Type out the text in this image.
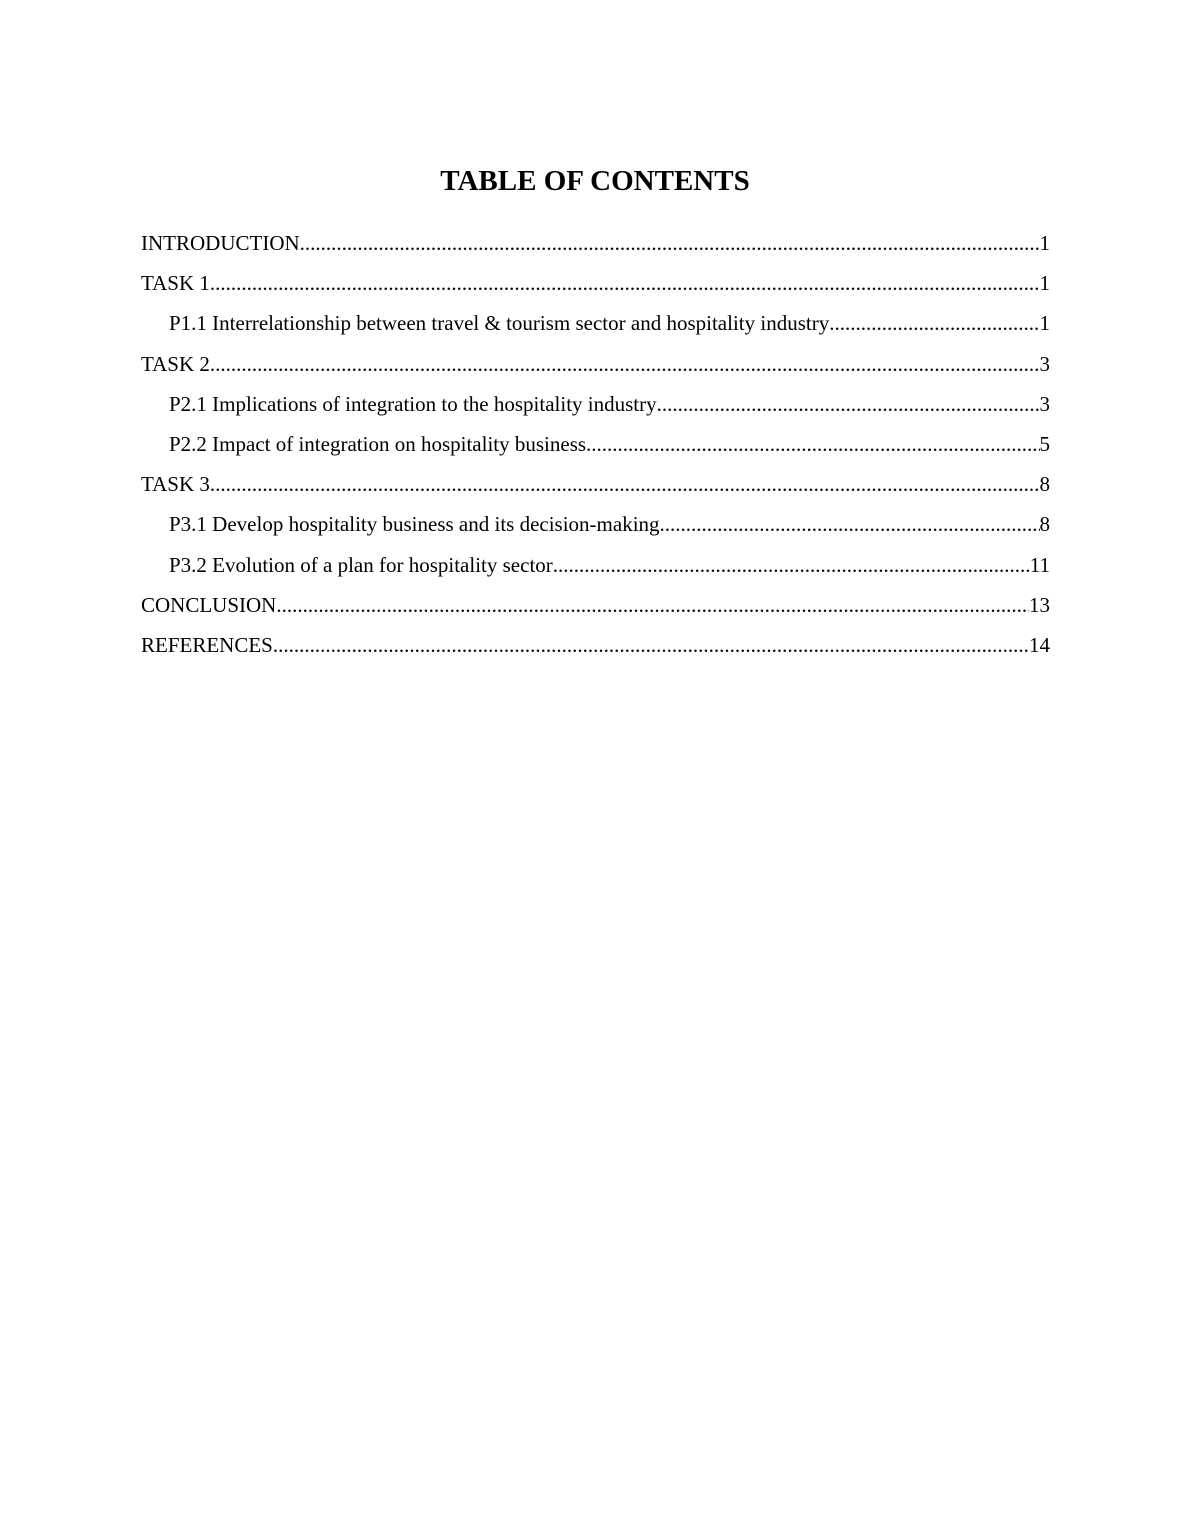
TABLE OF CONTENTS
INTRODUCTION .....	1
TASK 1 .....	1
P1.1 Interrelationship between travel & tourism sector and hospitality industry .....	1
TASK 2 .....	3
P2.1 Implications of integration to the hospitality industry .....	3
P2.2 Impact of integration on hospitality business .....	5
TASK 3 .....	8
P3.1 Develop hospitality business and its decision-making .....	8
P3.2 Evolution of a plan for hospitality sector .....	11
CONCLUSION .....	13
REFERENCES .....	14
